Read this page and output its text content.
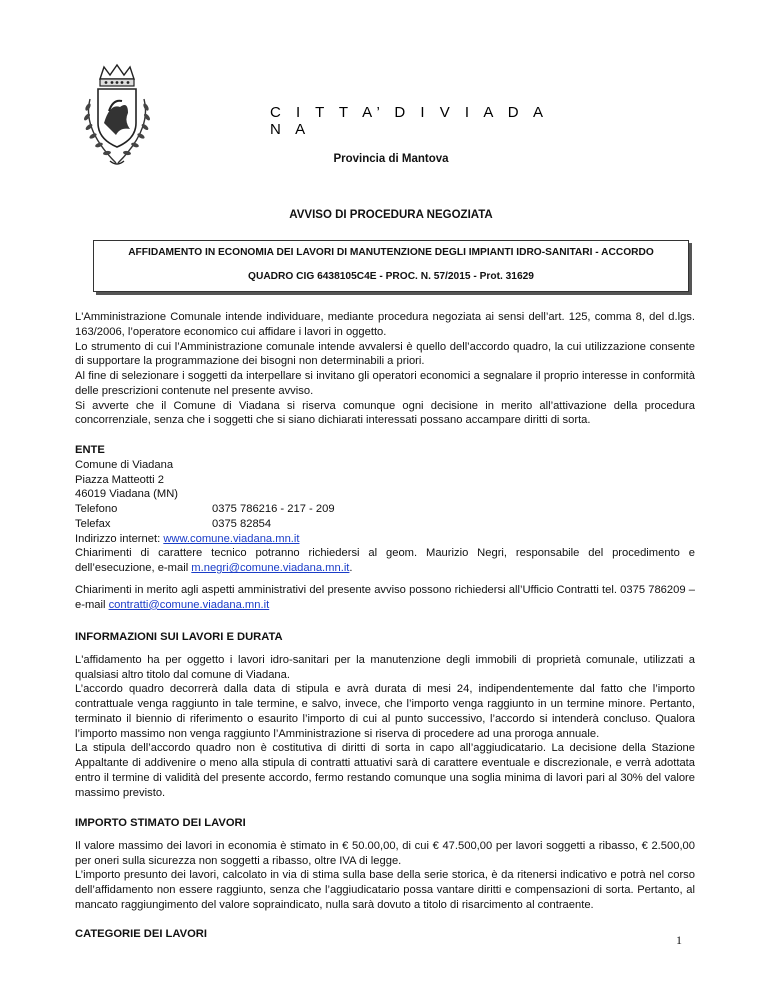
C I T T A’ D I V I A D A N A
Provincia di Mantova
AVVISO DI PROCEDURA NEGOZIATA
AFFIDAMENTO IN ECONOMIA DEI LAVORI DI MANUTENZIONE DEGLI IMPIANTI IDRO-SANITARI - ACCORDO
QUADRO CIG 6438105C4E - PROC. N. 57/2015 - Prot. 31629

L'Amministrazione Comunale intende individuare, mediante procedura negoziata ai sensi dell’art. 125, comma 8, del d.lgs. 163/2006, l’operatore economico cui affidare i lavori in oggetto.

Lo strumento di cui l’Amministrazione comunale intende avvalersi è quello dell’accordo quadro, la cui utilizzazione consente di supportare la programmazione dei bisogni non determinabili a priori.

Al fine di selezionare i soggetti da interpellare si invitano gli operatori economici a segnalare il proprio interesse in conformità delle prescrizioni contenute nel presente avviso.

Si avverte che il Comune di Viadana si riserva comunque ogni decisione in merito all’attivazione della procedura concorrenziale, senza che i soggetti che si siano dichiarati interessati possano accampare diritti di sorta.

ENTE

Comune di Viadana

Piazza Matteotti 2

46019 Viadana (MN)

Telefono	0375 786216 - 217 - 209

Telefax	0375 82854

Indirizzo internet: www.comune.viadana.mn.it

Chiarimenti di carattere tecnico potranno richiedersi al geom. Maurizio Negri, responsabile del procedimento e dell’esecuzione, e-mail m.negri@comune.viadana.mn.it.

Chiarimenti in merito agli aspetti amministrativi del presente avviso possono richiedersi all’Ufficio Contratti tel. 0375 786209 – e-mail contratti@comune.viadana.mn.it

INFORMAZIONI SUI LAVORI E DURATA

L'affidamento ha per oggetto i lavori idro-sanitari per la manutenzione degli immobili di proprietà comunale, utilizzati a qualsiasi altro titolo dal comune di Viadana.

L’accordo quadro decorrerà dalla data di stipula e avrà durata di mesi 24, indipendentemente dal fatto che l’importo contrattuale venga raggiunto in tale termine, e salvo, invece, che l’importo venga raggiunto in un termine minore. Pertanto, terminato il biennio di riferimento o esaurito l’importo di cui al punto successivo, l’accordo si intenderà concluso. Qualora l’importo massimo non venga raggiunto l’Amministrazione si riserva di procedere ad una proroga annuale.

La stipula dell’accordo quadro non è costitutiva di diritti di sorta in capo all’aggiudicatario. La decisione della Stazione Appaltante di addivenire o meno alla stipula di contratti attuativi sarà di carattere eventuale e discrezionale, e verrà adottata entro il termine di validità del presente accordo, fermo restando comunque una soglia minima di lavori pari al 30% del valore massimo previsto.

IMPORTO STIMATO DEI LAVORI

Il valore massimo dei lavori in economia è stimato in € 50.00,00, di cui € 47.500,00 per lavori soggetti a ribasso, € 2.500,00 per oneri sulla sicurezza non soggetti a ribasso, oltre IVA di legge.

L’importo presunto dei lavori, calcolato in via di stima sulla base della serie storica, è da ritenersi indicativo e potrà nel corso dell’affidamento non essere raggiunto, senza che l’aggiudicatario possa vantare diritti e compensazioni di sorta. Pertanto, al mancato raggiungimento del valore sopraindicato, nulla sarà dovuto a titolo di risarcimento al contraente.

CATEGORIE DEI LAVORI	1
